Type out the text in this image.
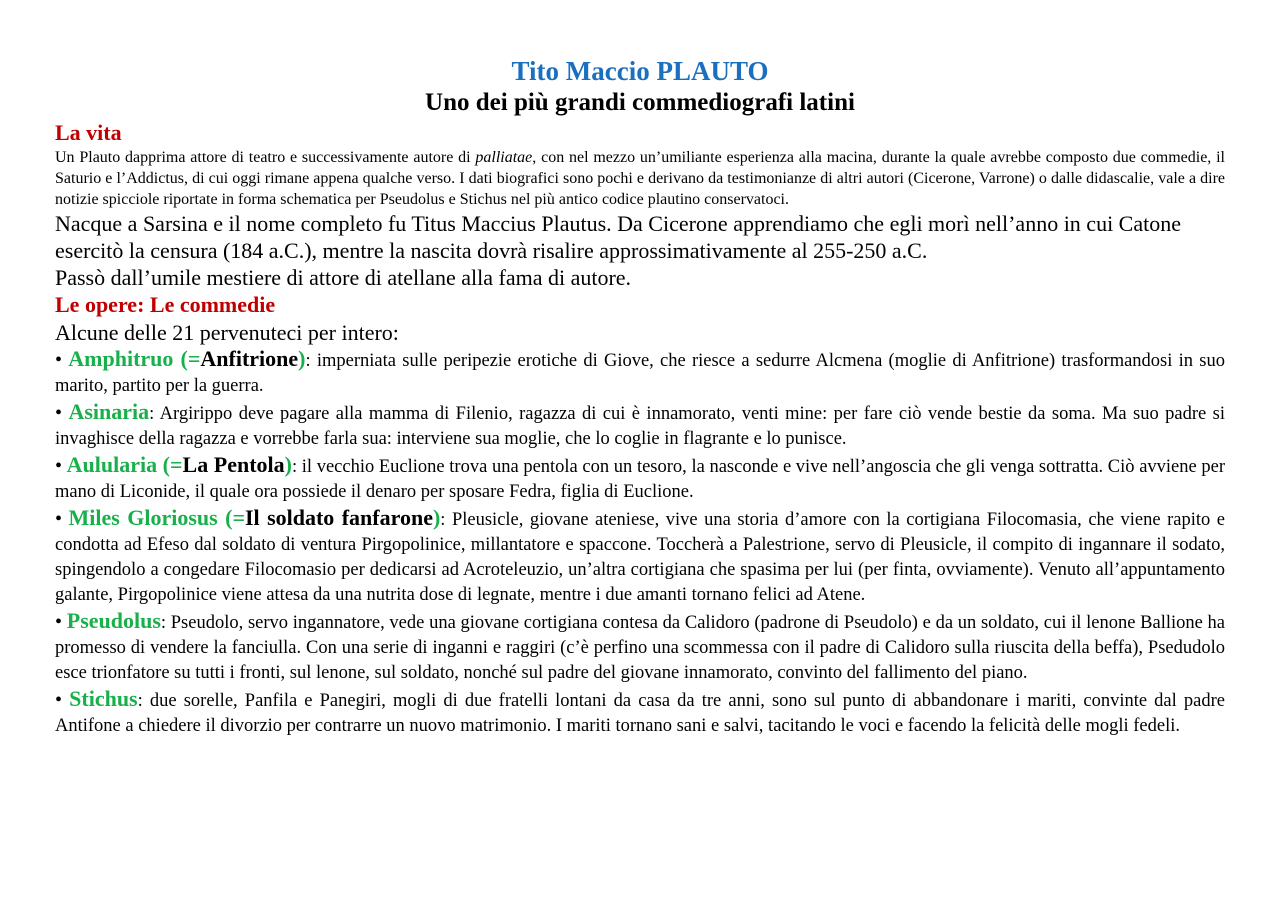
Tito Maccio PLAUTO
Uno dei più grandi commediografi latini
La vita

Un Plauto dapprima attore di teatro e successivamente autore di palliatae, con nel mezzo un’umiliante esperienza alla macina, durante la quale avrebbe composto due commedie, il Saturio e l’Addictus, di cui oggi rimane appena qualche verso. I dati biografici sono pochi e derivano da testimonianze di altri autori (Cicerone, Varrone) o dalle didascalie, vale a dire notizie spicciole riportate in forma schematica per Pseudolus e Stichus nel più antico codice plautino conservatoci.

Nacque a Sarsina e il nome completo fu Titus Maccius Plautus. Da Cicerone apprendiamo che egli morì nell’anno in cui Catone esercitò la censura (184 a.C.), mentre la nascita dovrà risalire approssimativamente al 255-250 a.C.

Passò dall’umile mestiere di attore di atellane alla fama di autore.

Le opere: Le commedie

Alcune delle 21 pervenuteci per intero:

• Amphitruo (=Anfitrione): imperniata sulle peripezie erotiche di Giove, che riesce a sedurre Alcmena (moglie di Anfitrione) trasformandosi in suo marito, partito per la guerra.

• Asinaria: Argirippo deve pagare alla mamma di Filenio, ragazza di cui è innamorato, venti mine: per fare ciò vende bestie da soma. Ma suo padre si invaghisce della ragazza e vorrebbe farla sua: interviene sua moglie, che lo coglie in flagrante e lo punisce.

• Aulularia (=La Pentola): il vecchio Euclione trova una pentola con un tesoro, la nasconde e vive nell’angoscia che gli venga sottratta. Ciò avviene per mano di Liconide, il quale ora possiede il denaro per sposare Fedra, figlia di Euclione.

• Miles Gloriosus (=Il soldato fanfarone): Pleusicle, giovane ateniese, vive una storia d’amore con la cortigiana Filocomasia, che viene rapito e condotta ad Efeso dal soldato di ventura Pirgopolinice, millantatore e spaccone. Toccherà a Palestrione, servo di Pleusicle, il compito di ingannare il sodato, spingendolo a congedare Filocomasio per dedicarsi ad Acroteleuzio, un’altra cortigiana che spasima per lui (per finta, ovviamente). Venuto all’appuntamento galante, Pirgopolinice viene attesa da una nutrita dose di legnate, mentre i due amanti tornano felici ad Atene.

• Pseudolus: Pseudolo, servo ingannatore, vede una giovane cortigiana contesa da Calidoro (padrone di Pseudolo) e da un soldato, cui il lenone Ballione ha promesso di vendere la fanciulla. Con una serie di inganni e raggiri (c’è perfino una scommessa con il padre di Calidoro sulla riuscita della beffa), Psedudolo esce trionfatore su tutti i fronti, sul lenone, sul soldato, nonché sul padre del giovane innamorato, convinto del fallimento del piano.

• Stichus: due sorelle, Panfila e Panegiri, mogli di due fratelli lontani da casa da tre anni, sono sul punto di abbandonare i mariti, convinte dal padre Antifone a chiedere il divorzio per contrarre un nuovo matrimonio. I mariti tornano sani e salvi, tacitando le voci e facendo la felicità delle mogli fedeli.
